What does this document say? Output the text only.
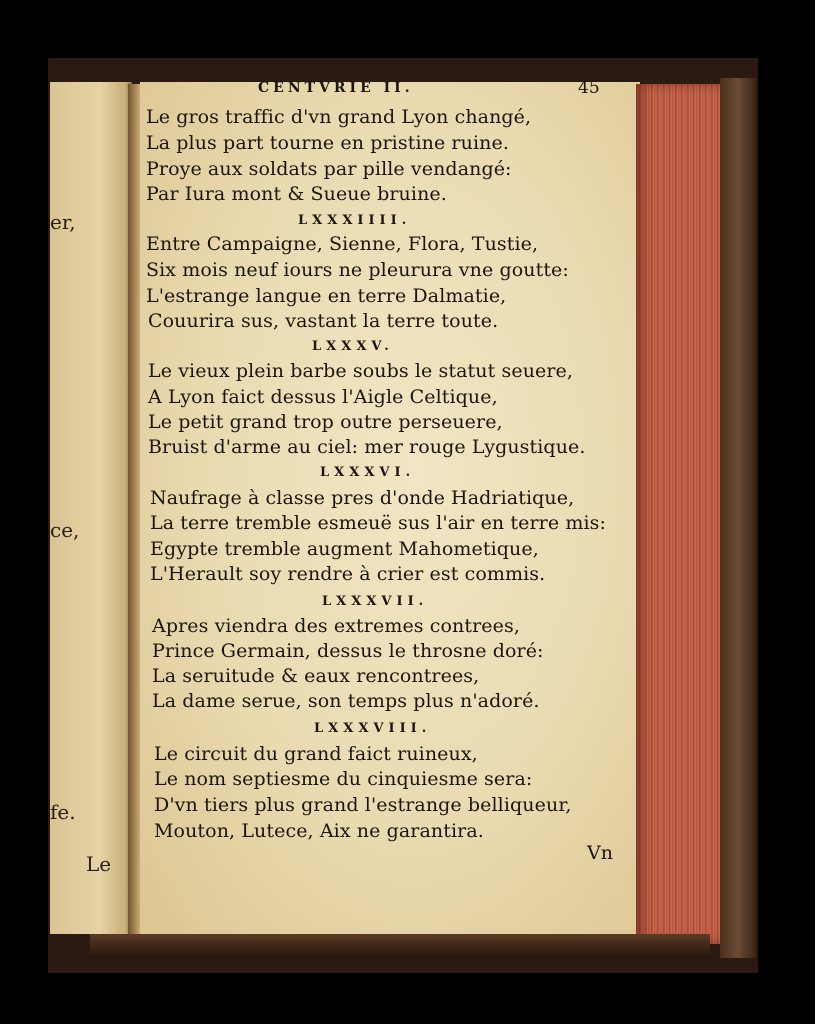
er,
ce,
fe.
Le
CENTVRIE II.	45
Le gros traffic d'vn grand Lyon changé,
La plus part tourne en pristine ruine.
Proye aux soldats par pille vendangé:
Par Iura mont & Sueue bruine.
LXXXIIII.
Entre Campaigne, Sienne, Flora, Tustie,
Six mois neuf iours ne pleurura vne goutte:
L'estrange langue en terre Dalmatie,
Couurira sus, vastant la terre toute.
LXXXV.
Le vieux plein barbe soubs le statut seuere,
A Lyon faict dessus l'Aigle Celtique,
Le petit grand trop outre perseuere,
Bruist d'arme au ciel: mer rouge Lygustique.
LXXXVI.
Naufrage à classe pres d'onde Hadriatique,
La terre tremble esmeuë sus l'air en terre mis:
Egypte tremble augment Mahometique,
L'Herault soy rendre à crier est commis.
LXXXVII.
Apres viendra des extremes contrees,
Prince Germain, dessus le throsne doré:
La seruitude & eaux rencontrees,
La dame serue, son temps plus n'adoré.
LXXXVIII.
Le circuit du grand faict ruineux,
Le nom septiesme du cinquiesme sera:
D'vn tiers plus grand l'estrange belliqueur,
Mouton, Lutece, Aix ne garantira.
Vn
